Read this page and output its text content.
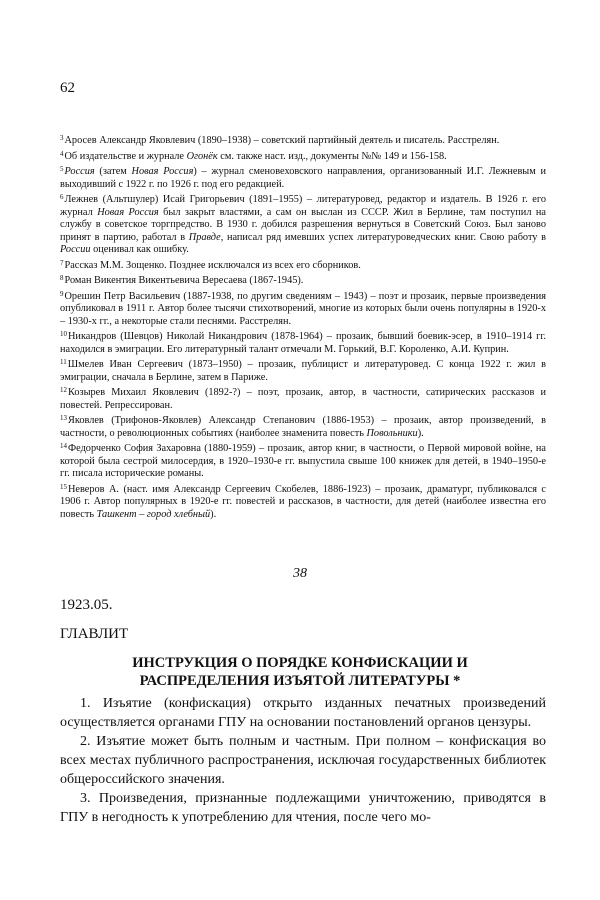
62

$^3$Аросев Александр Яковлевич (1890–1938) – советский партийный деятель и писатель. Расстрелян.

$^4$Об издательстве и журнале Огонёк см. также наст. изд., документы №№ 149 и 156-158.

$^5$Россия (затем Новая Россия) – журнал сменовеховского направления, организованный И.Г. Лежневым и выходивший с 1922 г. по 1926 г. под его редакцией.

$^6$Лежнев (Альтшулер) Исай Григорьевич (1891–1955) – литературовед, редактор и издатель. В 1926 г. его журнал Новая Россия был закрыт властями, а сам он выслан из СССР. Жил в Берлине, там поступил на службу в советское торгпредство. В 1930 г. добился разрешения вернуться в Советский Союз. Был заново принят в партию, работал в Правде, написал ряд имевших успех литературоведческих книг. Свою работу в России оценивал как ошибку.

$^7$Рассказ М.М. Зощенко. Позднее исключался из всех его сборников.

$^8$Роман Викентия Викентьевича Вересаева (1867-1945).

$^9$Орешин Петр Васильевич (1887-1938, по другим сведениям – 1943) – поэт и прозаик, первые произведения опубликовал в 1911 г. Автор более тысячи стихотворений, многие из которых были очень популярны в 1920-х – 1930-х гг., а некоторые стали песнями. Расстрелян.

$^{10}$Никандров (Шевцов) Николай Никандрович (1878-1964) – прозаик, бывший боевик-эсер, в 1910–1914 гг. находился в эмиграции. Его литературный талант отмечали М. Горький, В.Г. Короленко, А.И. Куприн.

$^{11}$Шмелев Иван Сергеевич (1873–1950) – прозаик, публицист и литературовед. С конца 1922 г. жил в эмиграции, сначала в Берлине, затем в Париже.

$^{12}$Козырев Михаил Яковлевич (1892-?) – поэт, прозаик, автор, в частности, сатирических рассказов и повестей. Репрессирован.

$^{13}$Яковлев (Трифонов-Яковлев) Александр Степанович (1886-1953) – прозаик, автор произведений, в частности, о революционных событиях (наиболее знаменита повесть Повольники).

$^{14}$Федорченко София Захаровна (1880-1959) – прозаик, автор книг, в частности, о Первой мировой войне, на которой была сестрой милосердия, в 1920–1930-е гг. выпустила свыше 100 книжек для детей, в 1940–1950-е гг. писала исторические романы.

$^{15}$Неверов А. (наст. имя Александр Сергеевич Скобелев, 1886-1923) – прозаик, драматург, публиковался с 1906 г. Автор популярных в 1920-е гг. повестей и рассказов, в частности, для детей (наиболее известна его повесть Ташкент – город хлебный).

38
1923.05.
ГЛАВЛИТ
ИНСТРУКЦИЯ О ПОРЯДКЕ КОНФИСКАЦИИ И
РАСПРЕДЕЛЕНИЯ ИЗЪЯТОЙ ЛИТЕРАТУРЫ *

1. Изъятие (конфискация) открыто изданных печатных произведений осуществляется органами ГПУ на основании постановлений органов цензуры.

2. Изъятие может быть полным и частным. При полном – конфискация во всех местах публичного распространения, исключая государственных библиотек общероссийского значения.

3. Произведения, признанные подлежащими уничтожению, приводятся в ГПУ в негодность к употреблению для чтения, после чего мо-
